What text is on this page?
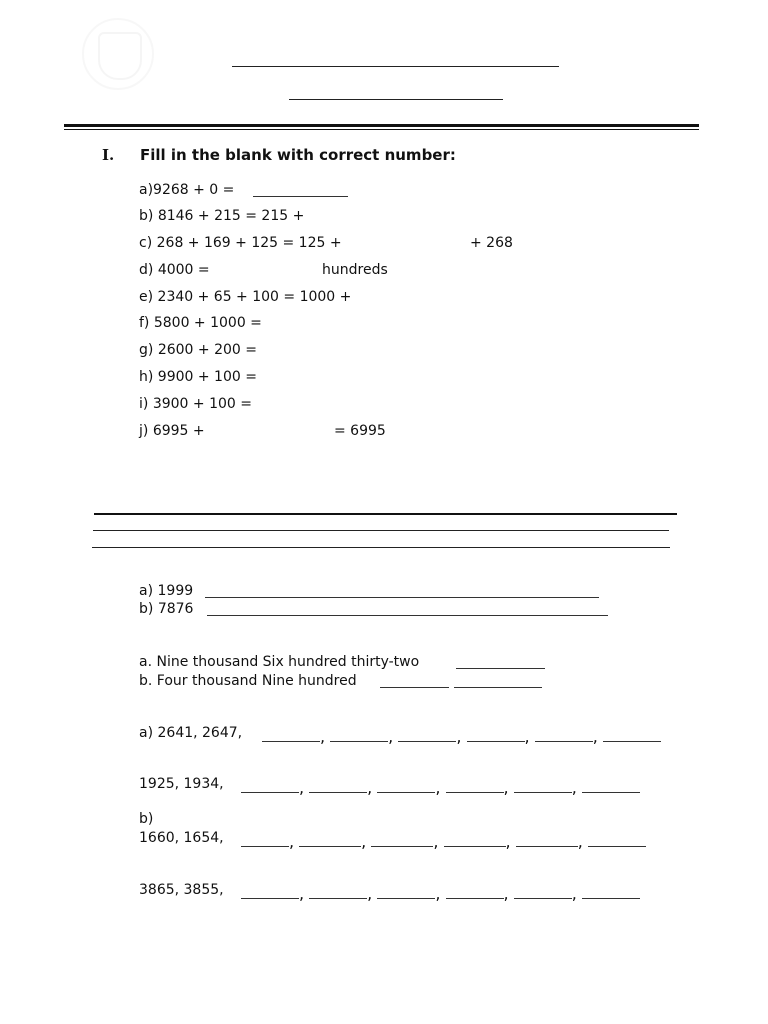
I. Fill in the blank with correct number:
a)9268 + 0 =
b) 8146 + 215 = 215 +
c) 268 + 169 + 125 = 125 +	+ 268
d) 4000 =	hundreds
e) 2340 + 65 + 100 = 1000 +
f) 5800 + 1000 =
g) 2600 + 200 =
h) 9900 + 100 =
i) 3900 + 100 =
j) 6995 +	= 6995
a) 1999
b) 7876
a. Nine thousand Six hundred thirty-two
b. Four thousand Nine hundred
a) 2641, 2647,	,	,	,	,	,
1925, 1934,	,	,	,	,	,
b)
1660, 1654,	,	,	,	,	,
3865, 3855,	,	,	,	,	,
